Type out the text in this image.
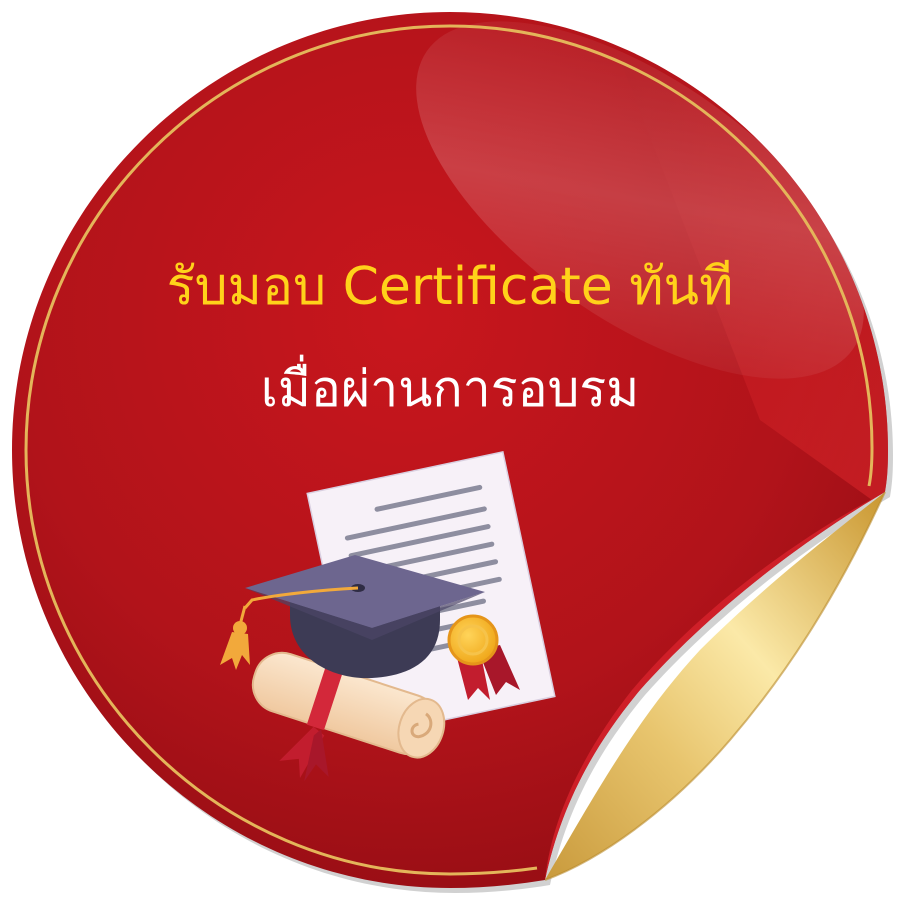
รับมอบ Certificate ทันที
เมื่อผ่านการอบรม
